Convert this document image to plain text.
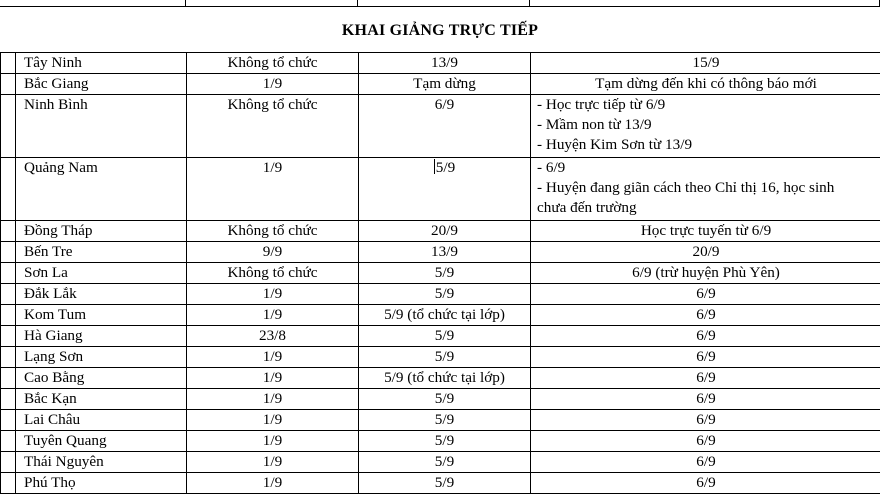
KHAI GIẢNG TRỰC TIẾP
	Tây Ninh	Không tổ chức	13/9	15/9
	Bắc Giang	1/9	Tạm dừng	Tạm dừng đến khi có thông báo mới
	Ninh Bình	Không tổ chức	6/9	- Học trực tiếp từ 6/9
- Mầm non từ 13/9
- Huyện Kim Sơn từ 13/9

	Quảng Nam	1/9	5/9	- 6/9
- Huyện đang giãn cách theo Chỉ thị 16, học sinh
chưa đến trường

	Đồng Tháp	Không tổ chức	20/9	Học trực tuyến từ 6/9
	Bến Tre	9/9	13/9	20/9
	Sơn La	Không tổ chức	5/9	6/9 (trừ huyện Phù Yên)
	Đắk Lắk	1/9	5/9	6/9
	Kom Tum	1/9	5/9 (tổ chức tại lớp)	6/9
	Hà Giang	23/8	5/9	6/9
	Lạng Sơn	1/9	5/9	6/9
	Cao Bằng	1/9	5/9 (tổ chức tại lớp)	6/9
	Bắc Kạn	1/9	5/9	6/9
	Lai Châu	1/9	5/9	6/9
	Tuyên Quang	1/9	5/9	6/9
	Thái Nguyên	1/9	5/9	6/9
	Phú Thọ	1/9	5/9	6/9
